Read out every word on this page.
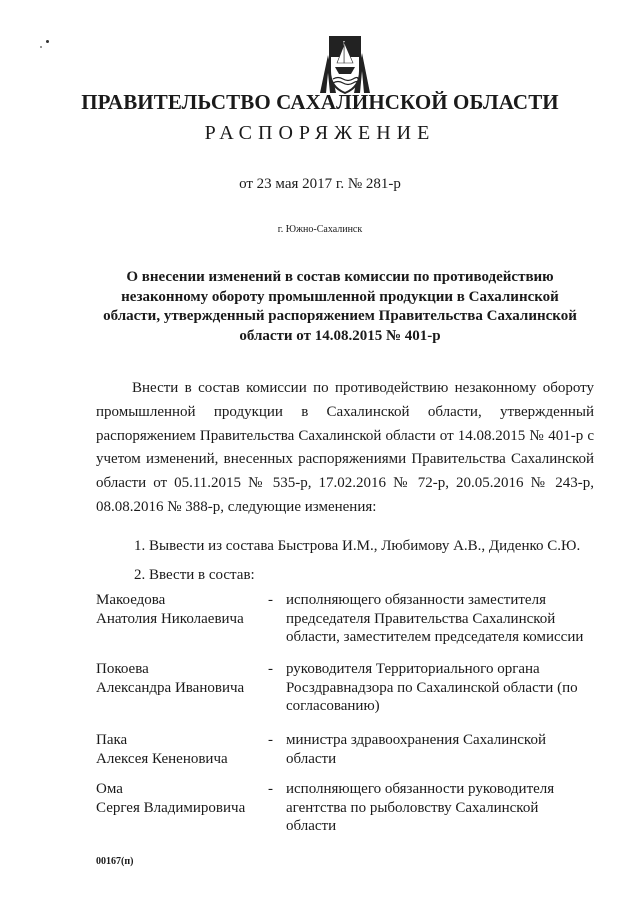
ПРАВИТЕЛЬСТВО САХАЛИНСКОЙ ОБЛАСТИ
РАСПОРЯЖЕНИЕ
от 23 мая 2017 г. № 281-р
г. Южно-Сахалинск
О внесении изменений в состав комиссии по противодействию незаконному обороту промышленной продукции в Сахалинской области, утвержденный распоряжением Правительства Сахалинской области от 14.08.2015 № 401-р
Внести в состав комиссии по противодействию незаконному обороту промышленной продукции в Сахалинской области, утвержденный распоряжением Правительства Сахалинской области от 14.08.2015 № 401-р с учетом изменений, внесенных распоряжениями Правительства Сахалинской области от 05.11.2015 № 535-р, 17.02.2016 № 72-р, 20.05.2016 № 243-р, 08.08.2016 № 388-р, следующие изменения:
1. Вывести из состава Быстрова И.М., Любимову А.В., Диденко С.Ю.
2. Ввести в состав:
Макоедова
Анатолия Николаевича
- исполняющего обязанности заместителя председателя Правительства Сахалинской области, заместителем председателя комиссии
Покоева
Александра Ивановича
- руководителя Территориального органа Росздравнадзора по Сахалинской области (по согласованию)
Пака
Алексея Кененовича
- министра здравоохранения Сахалинской области
Ома
Сергея Владимировича
- исполняющего обязанности руководителя агентства по рыболовству Сахалинской области
00167(п)
